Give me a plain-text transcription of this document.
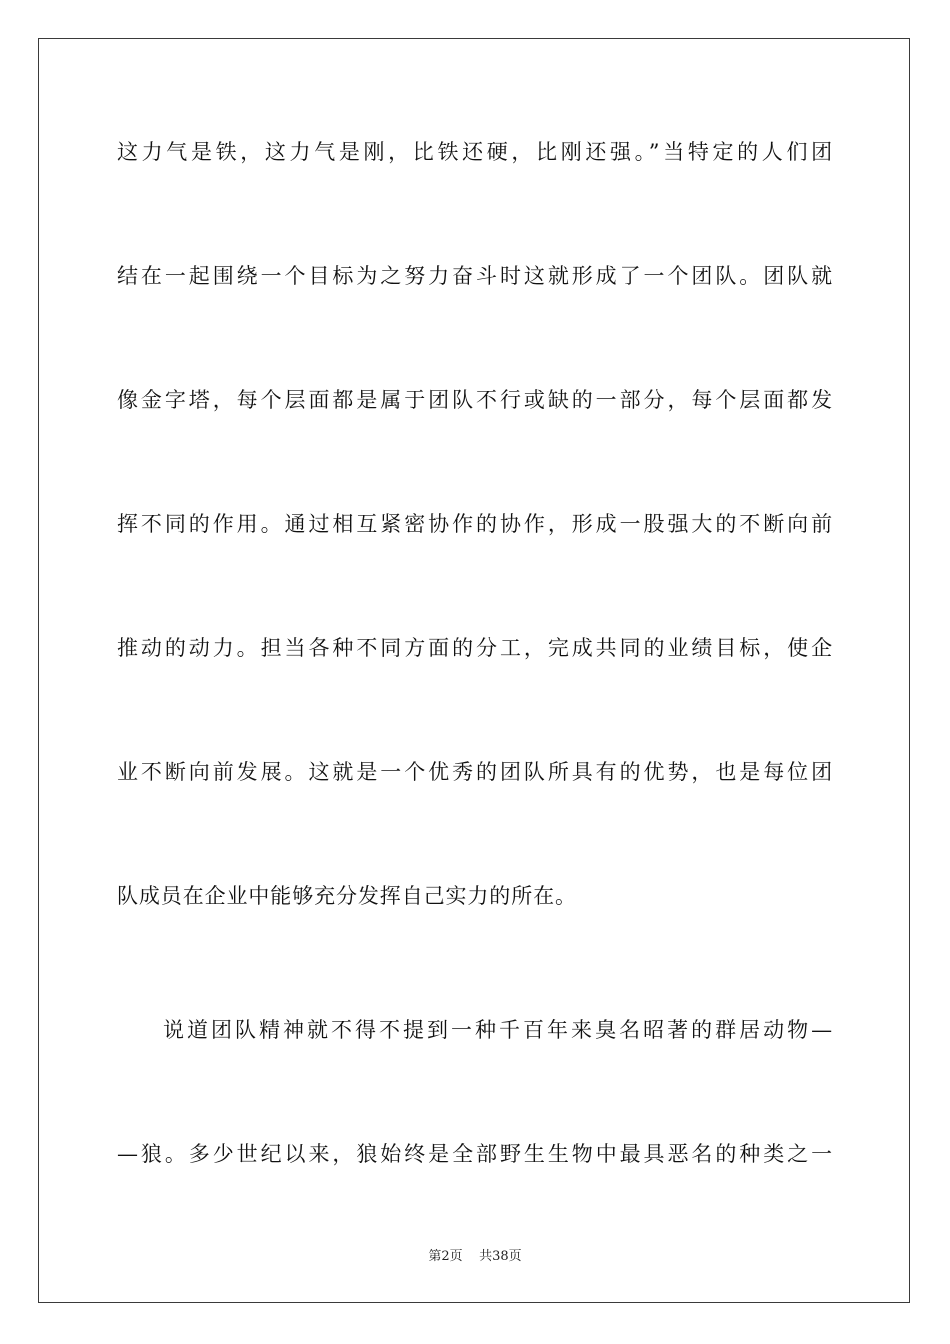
这力气是铁，这力气是刚，比铁还硬，比刚还强。”当特定的人们团
结在一起围绕一个目标为之努力奋斗时这就形成了一个团队。团队就
像金字塔，每个层面都是属于团队不行或缺的一部分，每个层面都发
挥不同的作用。通过相互紧密协作的协作，形成一股强大的不断向前
推动的动力。担当各种不同方面的分工，完成共同的业绩目标，使企
业不断向前发展。这就是一个优秀的团队所具有的优势，也是每位团
队成员在企业中能够充分发挥自己实力的所在。
说道团队精神就不得不提到一种千百年来臭名昭著的群居动物—
—狼。多少世纪以来，狼始终是全部野生生物中最具恶名的种类之一
第2页 共38页
